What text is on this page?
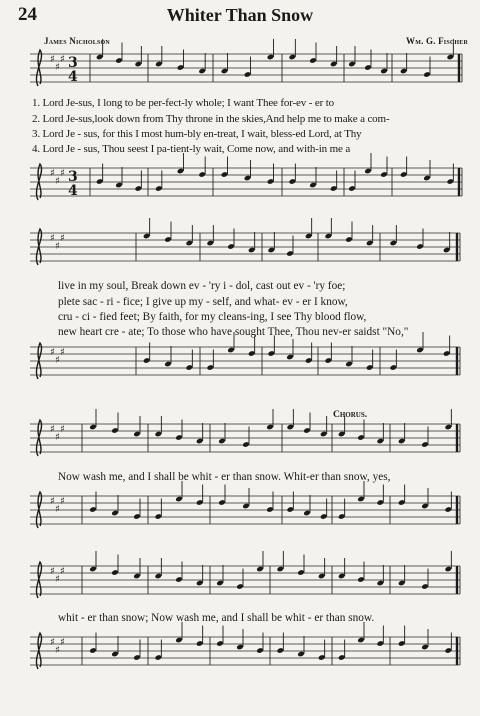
24	Whiter Than Snow
James Nicholson	Wm. G. Fischer
♯
♯
♯
♯
♯
♯
♯
♯
♯
♯
♯
♯
♯
♯
♯
♯
♯
♯
♯
♯
♯
♯
♯
♯
3
4
3
4
1. Lord Je-sus, I long to be per-fect-ly whole; I want Thee for-ev - er to
2. Lord Je-sus,look down from Thy throne in the skies,And help me to make a com-
3. Lord Je - sus, for this I most hum-bly en-treat, I wait, bless-ed Lord, at Thy
4. Lord Je - sus, Thou seest I pa-tient-ly wait, Come now, and with-in me a
live in my soul, Break down ev - 'ry i - dol, cast out ev - 'ry foe;
plete sac - ri - fice; I give up my - self, and what- ev - er I know,
cru - ci - fied feet; By faith, for my cleans-ing, I see Thy blood flow,
new heart cre - ate; To those who have sought Thee, Thou nev-er saidst "No,"
Chorus.
Now wash me, and I shall be whit - er than snow. Whit-er than snow, yes,
whit - er than snow; Now wash me, and I shall be whit - er than snow.
